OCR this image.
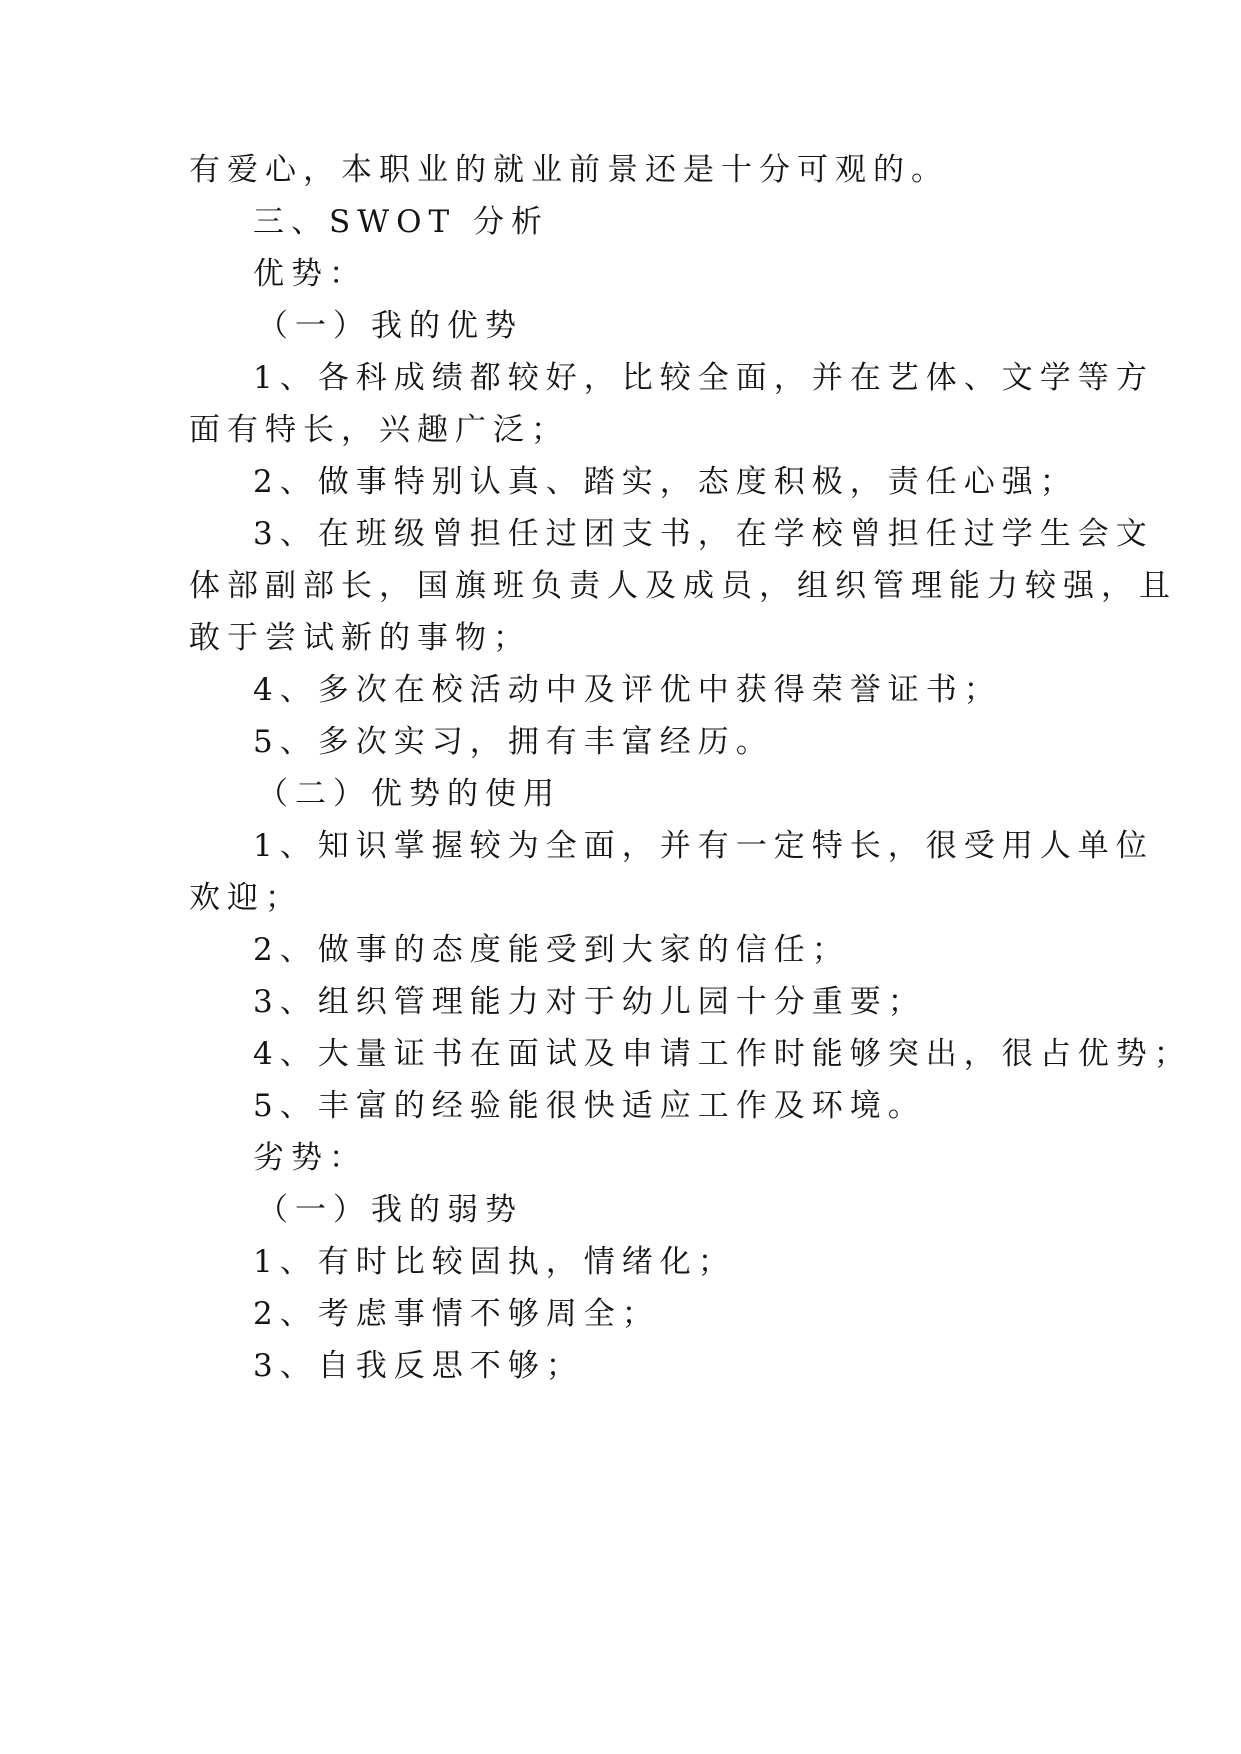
有爱心，本职业的就业前景还是十分可观的。
三、SWOT 分析
优势：
（一）我的优势
1、各科成绩都较好，比较全面，并在艺体、文学等方
面有特长，兴趣广泛；
2、做事特别认真、踏实，态度积极，责任心强；
3、在班级曾担任过团支书，在学校曾担任过学生会文
体部副部长，国旗班负责人及成员，组织管理能力较强，且
敢于尝试新的事物；
4、多次在校活动中及评优中获得荣誉证书；
5、多次实习，拥有丰富经历。
（二）优势的使用
1、知识掌握较为全面，并有一定特长，很受用人单位
欢迎；
2、做事的态度能受到大家的信任；
3、组织管理能力对于幼儿园十分重要；
4、大量证书在面试及申请工作时能够突出，很占优势；
5、丰富的经验能很快适应工作及环境。
劣势：
（一）我的弱势
1、有时比较固执，情绪化；
2、考虑事情不够周全；
3、自我反思不够；
